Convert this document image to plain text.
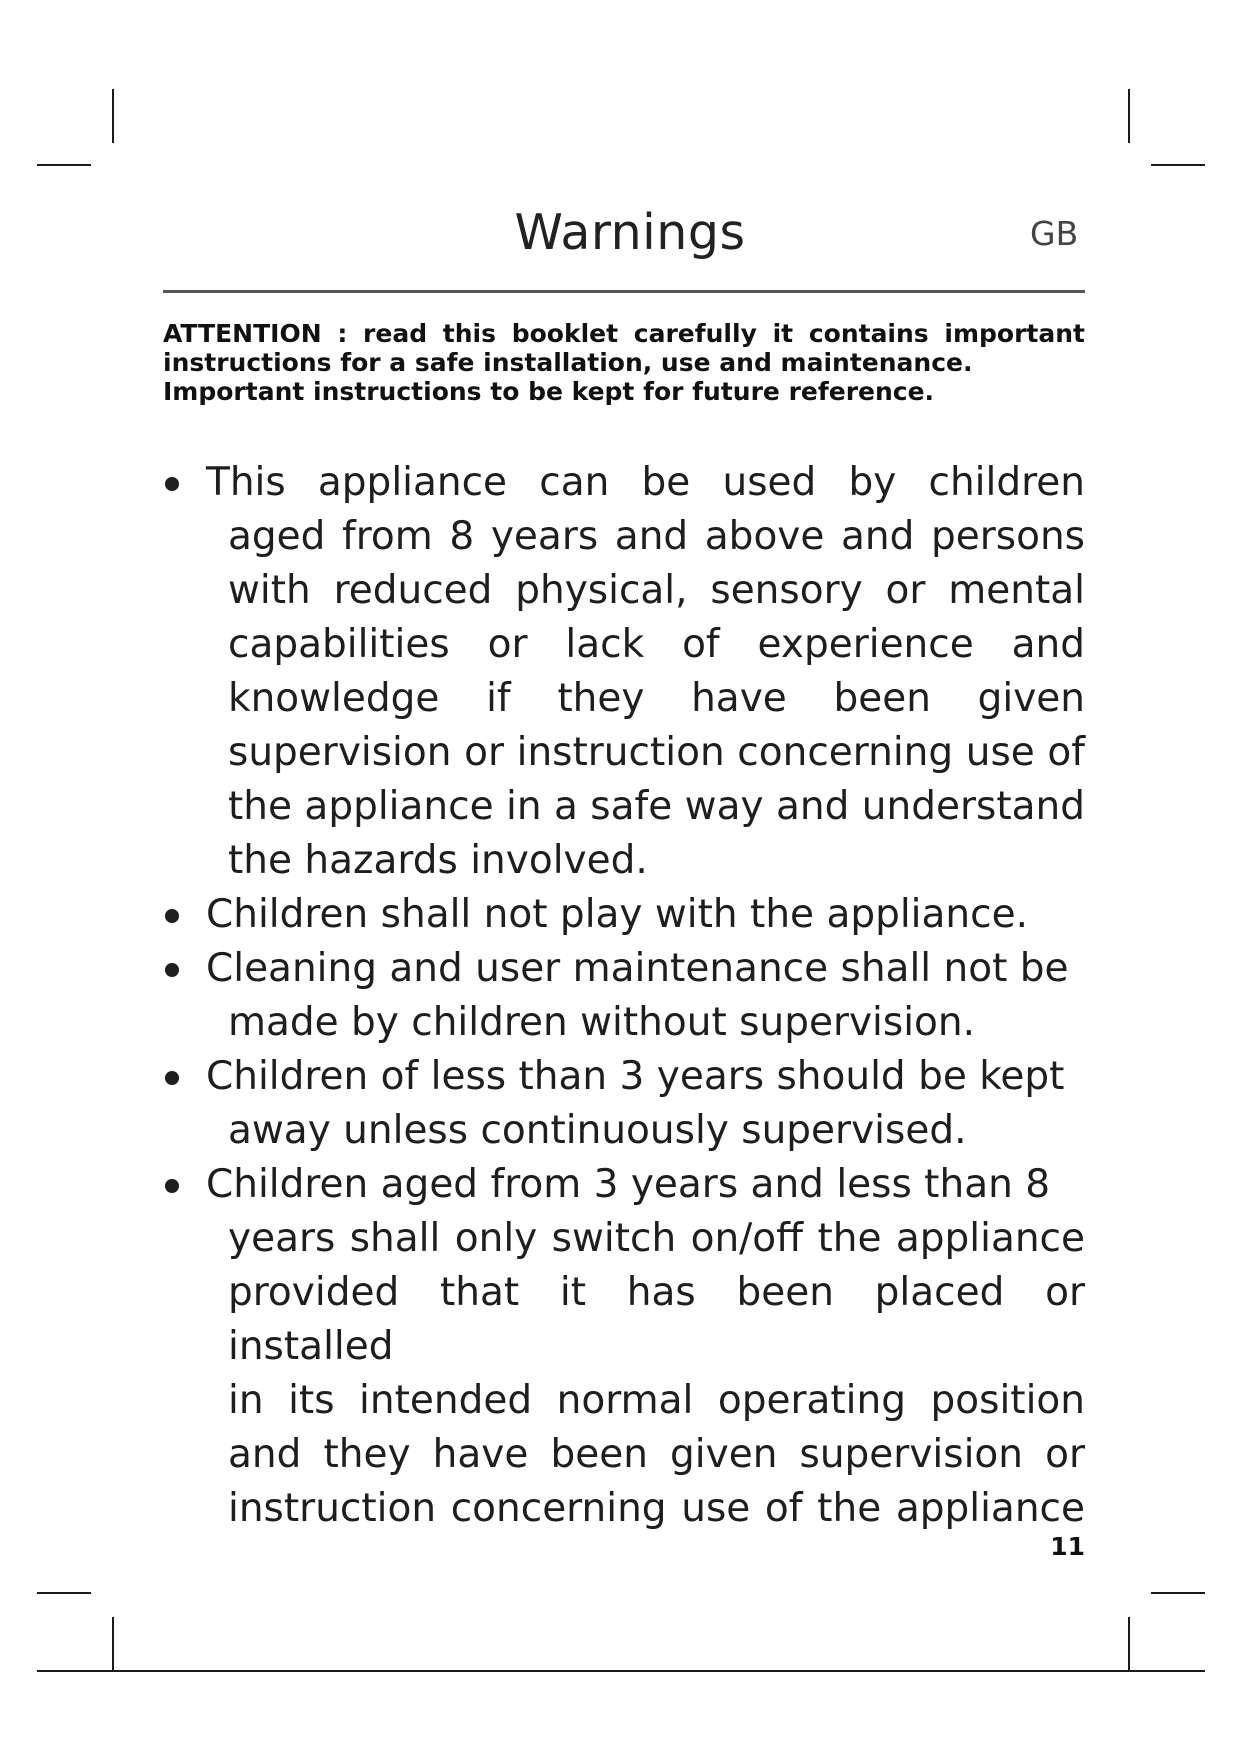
Warnings	GB
ATTENTION : read this booklet carefully it contains important
instructions for a safe installation, use and maintenance.
Important instructions to be kept for future reference.
This appliance can be used by children
aged from 8 years and above and persons
with reduced physical, sensory or mental
capabilities or lack of experience and
knowledge if they have been given
supervision or instruction concerning use of
the appliance in a safe way and understand
the hazards involved.
Children shall not play with the appliance.
Cleaning and user maintenance shall not be
made by children without supervision.
Children of less than 3 years should be kept
away unless continuously supervised.
Children aged from 3 years and less than 8
years shall only switch on/off the appliance
provided that it has been placed or installed
in its intended normal operating position
and they have been given supervision or
instruction concerning use of the appliance
11
